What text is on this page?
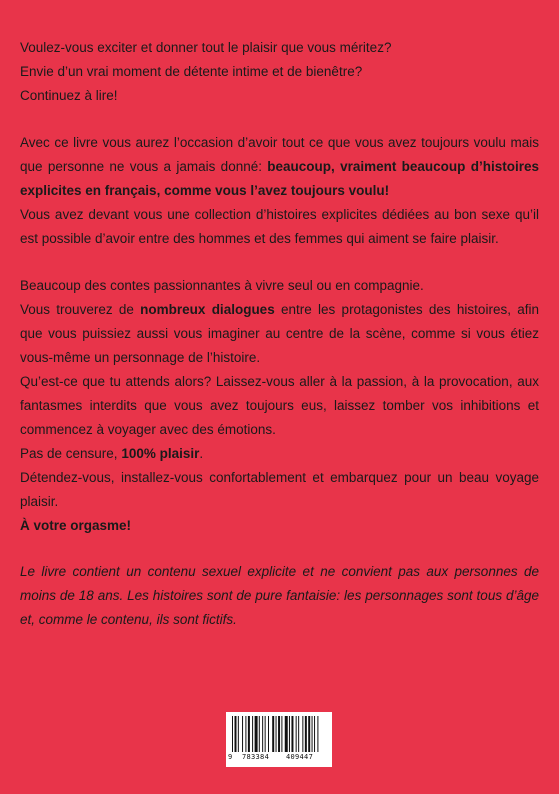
Voulez-vous exciter et donner tout le plaisir que vous méritez?

Envie d’un vrai moment de détente intime et de bienêtre?

Continuez à lire!

Avec ce livre vous aurez l’occasion d’avoir tout ce que vous avez toujours voulu mais que personne ne vous a jamais donné: beaucoup, vraiment beaucoup d’histoires explicites en français, comme vous l’avez toujours voulu!

Vous avez devant vous une collection d’histoires explicites dédiées au bon sexe qu’il est possible d’avoir entre des hommes et des femmes qui aiment se faire plaisir.

Beaucoup des contes passionnantes à vivre seul ou en compagnie.

Vous trouverez de nombreux dialogues entre les protagonistes des histoires, afin que vous puissiez aussi vous imaginer au centre de la scène, comme si vous étiez vous-même un personnage de l’histoire.

Qu’est-ce que tu attends alors? Laissez-vous aller à la passion, à la provocation, aux fantasmes interdits que vous avez toujours eus, laissez tomber vos inhibitions et commencez à voyager avec des émotions.

Pas de censure, 100% plaisir.

Détendez-vous, installez-vous confortablement et embarquez pour un beau voyage plaisir.

À votre orgasme!

Le livre contient un contenu sexuel explicite et ne convient pas aux personnes de moins de 18 ans. Les histoires sont de pure fantaisie: les personnages sont tous d’âge et, comme le contenu, ils sont fictifs.

9 783384 409447
